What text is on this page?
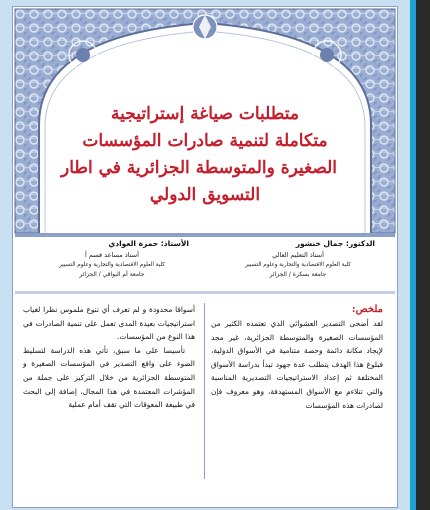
متطلبات صياغة إستراتيجية
متكاملة لتنمية صادرات المؤسسات
الصغيرة والمتوسطة الجزائرية في اطار
التسويق الدولي
الدكتور: جمال خنشور
أستاذ التعليم العالي
كلية العلوم الاقتصادية والتجارية وعلوم التسيير
جامعة بسكرة / الجزائر
الأستاذ: حمزة العوادي
أستاذ مساعد قسم أ
كلية العلوم الاقتصادية والتجارية وعلوم التسيير
جامعة أم البواقي / الجزائر
ملخص:

لقد أضحى التصدير العشوائي الذي تعتمده الكثير من المؤسسات الصغيرة والمتوسطة الجزائرية، غير مجد لإيجاد مكانة دائمة وحصة متنامية في الأسواق الدولية، فبلوغ هذا الهدف يتطلب عدة جهود تبدأ بدراسة الأسواق المختلفة ثم إعداد الاستراتيجيات التصديرية المناسبة والتي تتلاءم مع الأسواق المستهدفة، وهو معروف فإن لصادرات هذه المؤسسات

أسواقا محدودة و لم تعرف أي تنوع ملموس نظرا لغياب استراتيجيات بعيدة المدى تعمل على تنمية الصادرات في هذا النوع من المؤسسات.

تأسيسا على ما سبق، تأتي هذه الدراسة لتسليط الضوء على واقع التصدير في المؤسسات الصغيرة و المتوسطة الجزائرية من خلال التركيز على جملة من المؤشرات المعتمدة في هذا المجال، إضافة إلى البحث في طبيعة المعوقات التي تقف أمام عملية
